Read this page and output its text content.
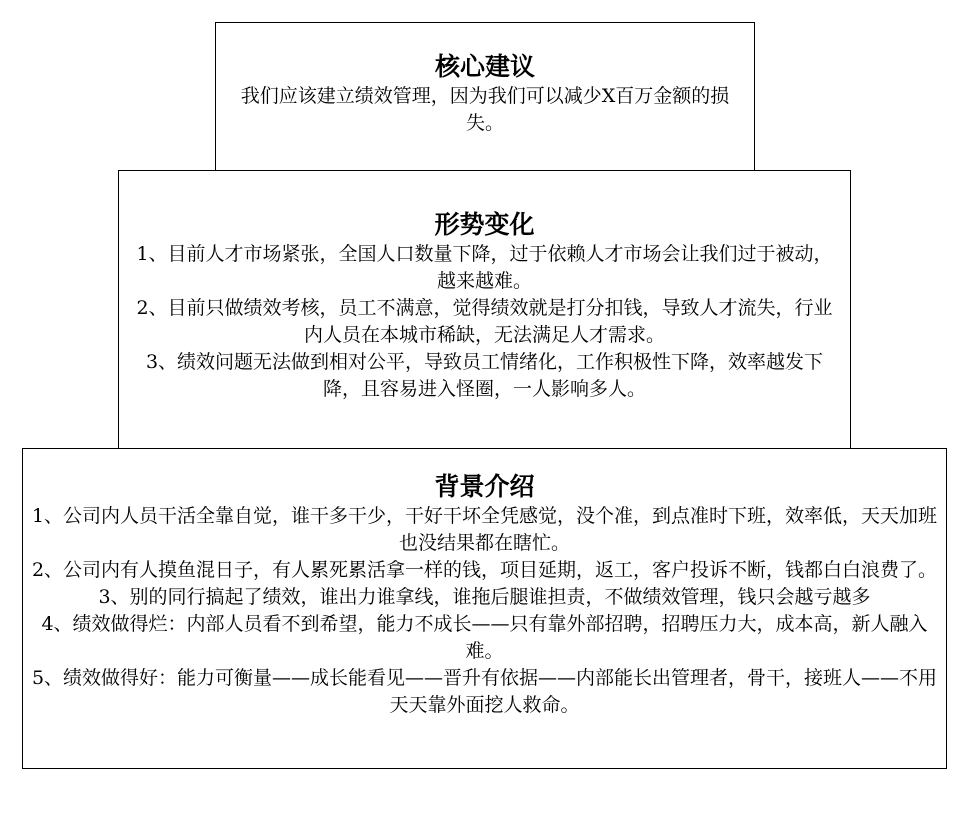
核心建议
我们应该建立绩效管理，因为我们可以减少X百万金额的损失。
形势变化
1、目前人才市场紧张，全国人口数量下降，过于依赖人才市场会让我们过于被动，越来越难。
2、目前只做绩效考核，员工不满意，觉得绩效就是打分扣钱，导致人才流失，行业内人员在本城市稀缺，无法满足人才需求。
3、绩效问题无法做到相对公平，导致员工情绪化，工作积极性下降，效率越发下降，且容易进入怪圈，一人影响多人。
背景介绍
1、公司内人员干活全靠自觉，谁干多干少，干好干坏全凭感觉，没个准，到点准时下班，效率低，天天加班也没结果都在瞎忙。
2、公司内有人摸鱼混日子，有人累死累活拿一样的钱，项目延期，返工，客户投诉不断，钱都白白浪费了。
3、别的同行搞起了绩效，谁出力谁拿线，谁拖后腿谁担责，不做绩效管理，钱只会越亏越多
4、绩效做得烂：内部人员看不到希望，能力不成长——只有靠外部招聘，招聘压力大，成本高，新人融入难。
5、绩效做得好：能力可衡量——成长能看见——晋升有依据——内部能长出管理者，骨干，接班人——不用天天靠外面挖人救命。
